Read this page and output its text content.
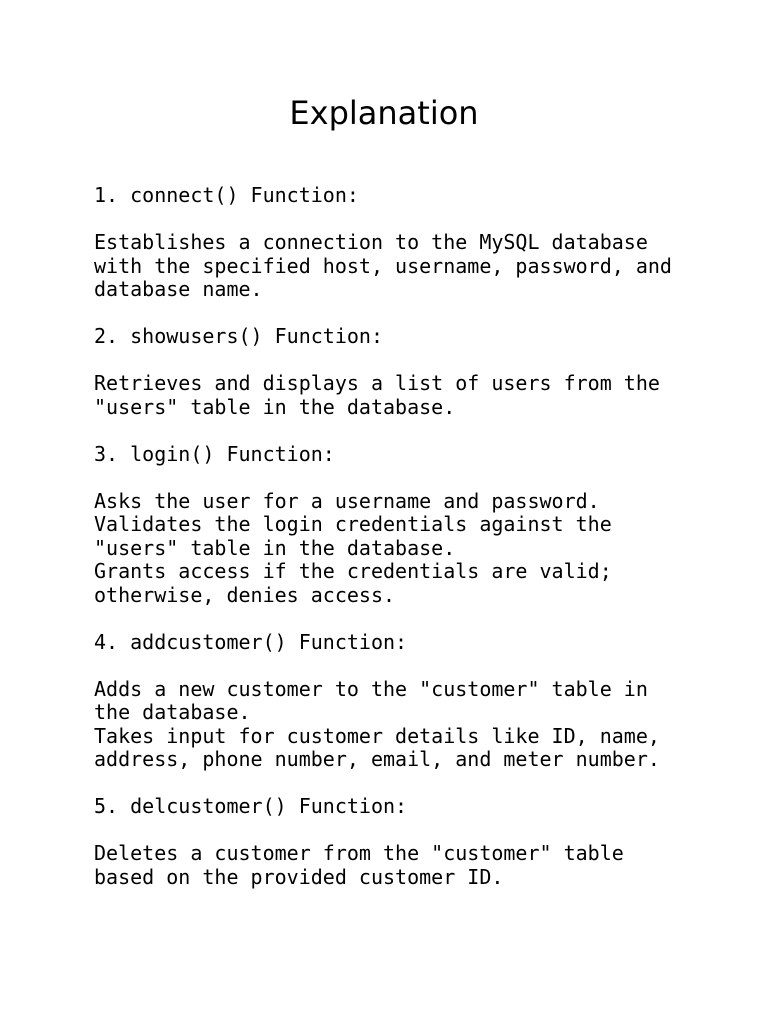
Explanation
1. connect() Function:
Establishes a connection to the MySQL database
with the specified host, username, password, and
database name.
2. showusers() Function:
Retrieves and displays a list of users from the
"users" table in the database.
3. login() Function:
Asks the user for a username and password.
Validates the login credentials against the
"users" table in the database.
Grants access if the credentials are valid;
otherwise, denies access.
4. addcustomer() Function:
Adds a new customer to the "customer" table in
the database.
Takes input for customer details like ID, name,
address, phone number, email, and meter number.
5. delcustomer() Function:
Deletes a customer from the "customer" table
based on the provided customer ID.
